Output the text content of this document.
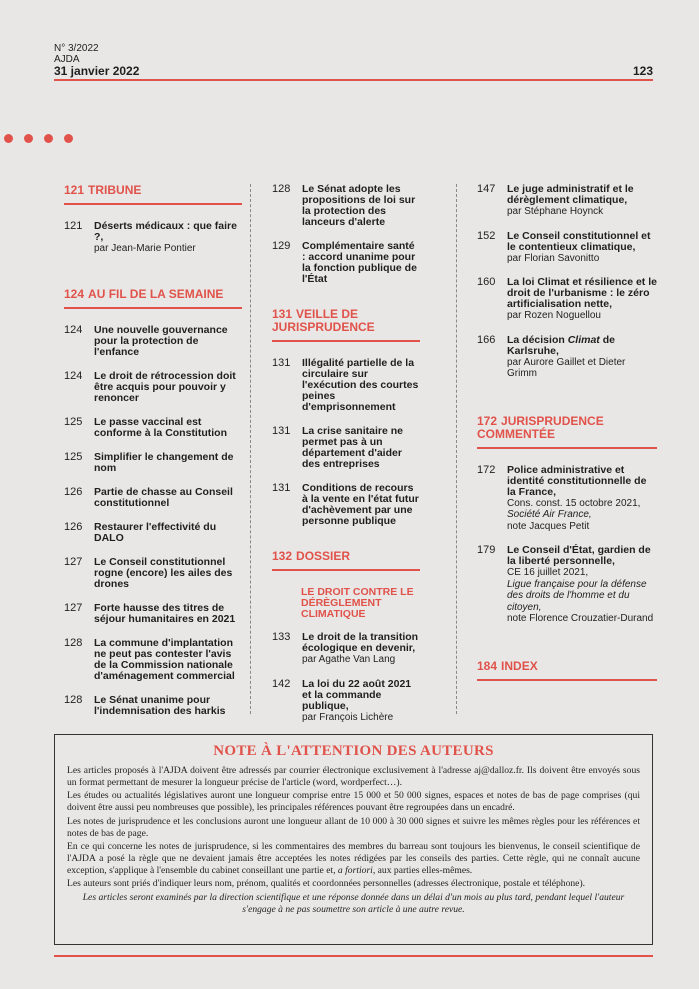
N° 3/2022
AJDA
31 janvier 2022	123
121 TRIBUNE
121	Déserts médicaux : que faire ?,
par Jean-Marie Pontier
124 AU FIL DE LA SEMAINE
124	Une nouvelle gouvernance pour la protection de l'enfance
124	Le droit de rétrocession doit être acquis pour pouvoir y renoncer
125	Le passe vaccinal est conforme à la Constitution
125	Simplifier le changement de nom
126	Partie de chasse au Conseil constitutionnel
126	Restaurer l'effectivité du DALO
127	Le Conseil constitutionnel rogne (encore) les ailes des drones
127	Forte hausse des titres de séjour humanitaires en 2021
128	La commune d'implantation ne peut pas contester l'avis de la Commission nationale d'aménagement commercial
128	Le Sénat unanime pour l'indemnisation des harkis
128	Le Sénat adopte les propositions de loi sur la protection des lanceurs d'alerte
129	Complémentaire santé : accord unanime pour la fonction publique de l'État
131 VEILLE DE JURISPRUDENCE
131	Illégalité partielle de la circulaire sur l'exécution des courtes peines d'emprisonnement
131	La crise sanitaire ne permet pas à un département d'aider des entreprises
131	Conditions de recours à la vente en l'état futur d'achèvement par une personne publique
132 DOSSIER
LE DROIT CONTRE LE DÉRÈGLEMENT CLIMATIQUE
133	Le droit de la transition écologique en devenir,
par Agathe Van Lang
142	La loi du 22 août 2021 et la commande publique,
par François Lichère
147	Le juge administratif et le dérèglement climatique,
par Stéphane Hoynck
152	Le Conseil constitutionnel et le contentieux climatique,
par Florian Savonitto
160	La loi Climat et résilience et le droit de l'urbanisme : le zéro artificialisation nette,
par Rozen Noguellou
166	La décision Climat de Karlsruhe,
par Aurore Gaillet et Dieter Grimm
172 JURISPRUDENCE COMMENTÉE
172	Police administrative et identité constitutionnelle de la France,
Cons. const. 15 octobre 2021,
Société Air France,
note Jacques Petit
179	Le Conseil d'État, gardien de la liberté personnelle,
CE 16 juillet 2021,
Ligue française pour la défense des droits de l'homme et du citoyen,
note Florence Crouzatier-Durand
184 INDEX
NOTE À L'ATTENTION DES AUTEURS

Les articles proposés à l'AJDA doivent être adressés par courrier électronique exclusivement à l'adresse aj@dalloz.fr. Ils doivent être envoyés sous un format permettant de mesurer la longueur précise de l'article (word, wordperfect…).

Les études ou actualités législatives auront une longueur comprise entre 15 000 et 50 000 signes, espaces et notes de bas de page comprises (qui doivent être aussi peu nombreuses que possible), les principales références pouvant être regroupées dans un encadré.

Les notes de jurisprudence et les conclusions auront une longueur allant de 10 000 à 30 000 signes et suivre les mêmes règles pour les références et notes de bas de page.

En ce qui concerne les notes de jurisprudence, si les commentaires des membres du barreau sont toujours les bienvenus, le conseil scientifique de l'AJDA a posé la règle que ne devaient jamais être acceptées les notes rédigées par les conseils des parties. Cette règle, qui ne connaît aucune exception, s'applique à l'ensemble du cabinet conseillant une partie et, a fortiori, aux parties elles-mêmes.

Les auteurs sont priés d'indiquer leurs nom, prénom, qualités et coordonnées personnelles (adresses électronique, postale et téléphone).

Les articles seront examinés par la direction scientifique et une réponse donnée dans un délai d'un mois au plus tard, pendant lequel l'auteur s'engage à ne pas soumettre son article à une autre revue.
